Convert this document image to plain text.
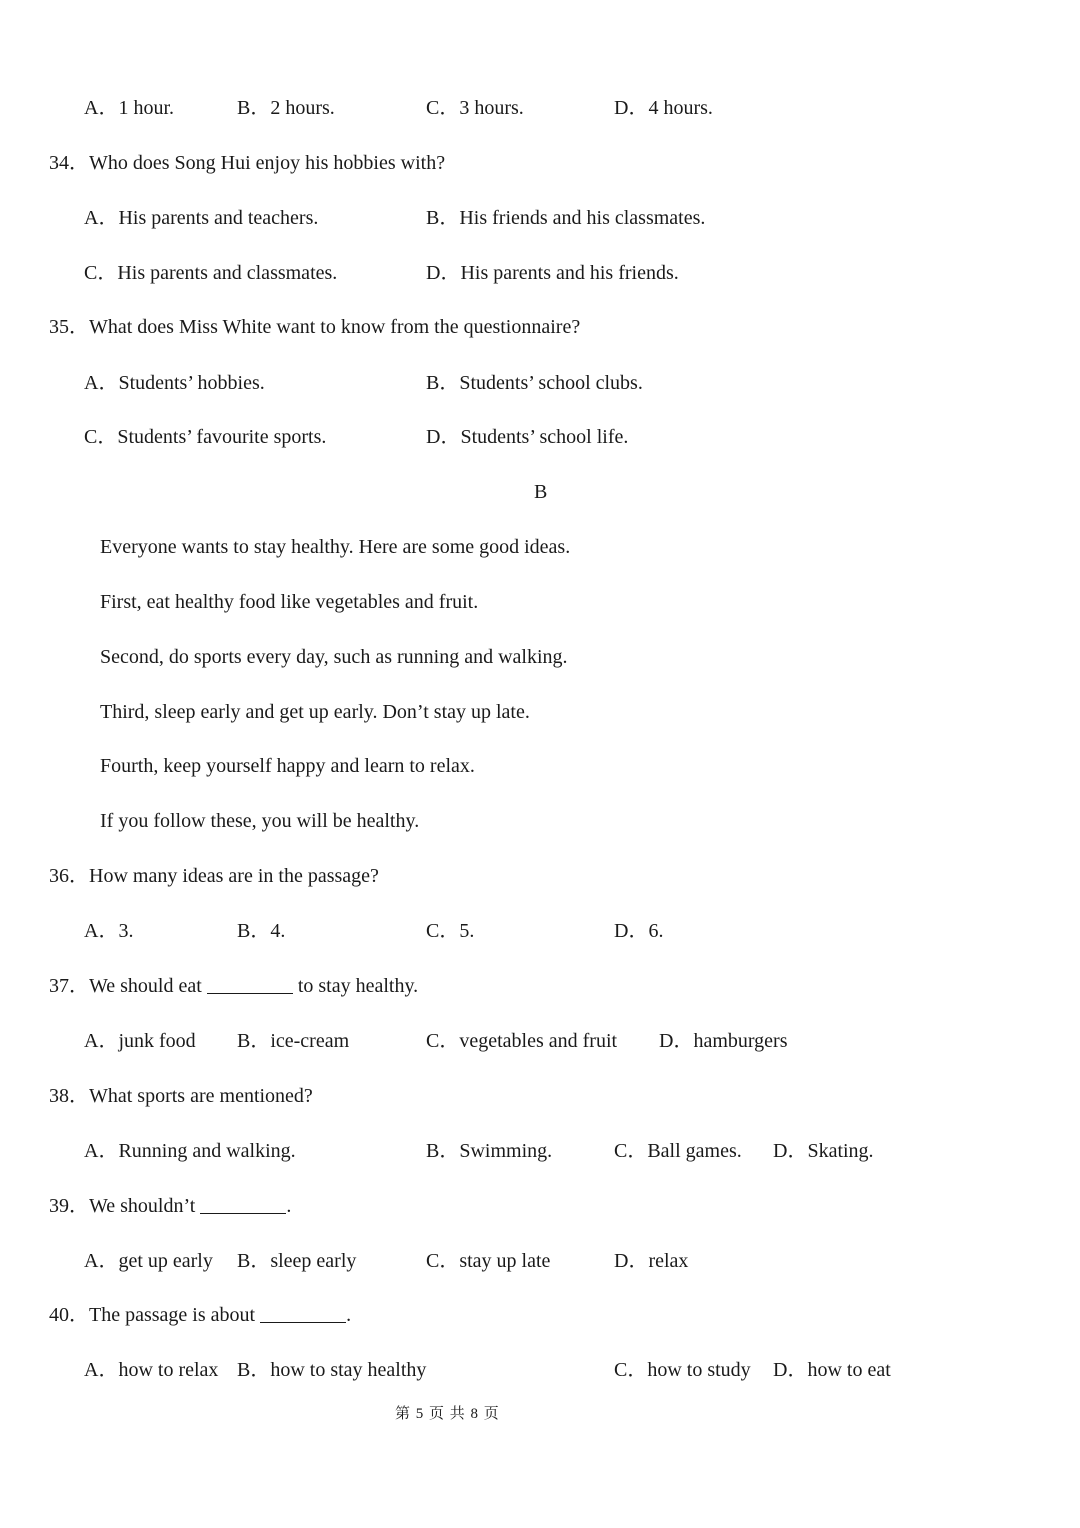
A．1 hour.	B．2 hours.	C．3 hours.	D．4 hours.
34．Who does Song Hui enjoy his hobbies with?
A．His parents and teachers.	B．His friends and his classmates.
C．His parents and classmates.	D．His parents and his friends.
35．What does Miss White want to know from the questionnaire?
A．Students’ hobbies.	B．Students’ school clubs.
C．Students’ favourite sports.	D．Students’ school life.
B
Everyone wants to stay healthy. Here are some good ideas.
First, eat healthy food like vegetables and fruit.
Second, do sports every day, such as running and walking.
Third, sleep early and get up early. Don’t stay up late.
Fourth, keep yourself happy and learn to relax.
If you follow these, you will be healthy.
36．How many ideas are in the passage?
A．3.	B．4.	C．5.	D．6.
37．We should eat	to stay healthy.
A．junk food B．ice-cream	C．vegetables and fruit D．hamburgers
38．What sports are mentioned?
A．Running and walking.	B．Swimming.	C．Ball games. D．Skating.
39．We shouldn’t	.
A．get up early B．sleep early	C．stay up late	D．relax
40．The passage is about	.
A．how to relax B．how to stay healthy	C．how to study D．how to eat
第 5 页 共 8 页
